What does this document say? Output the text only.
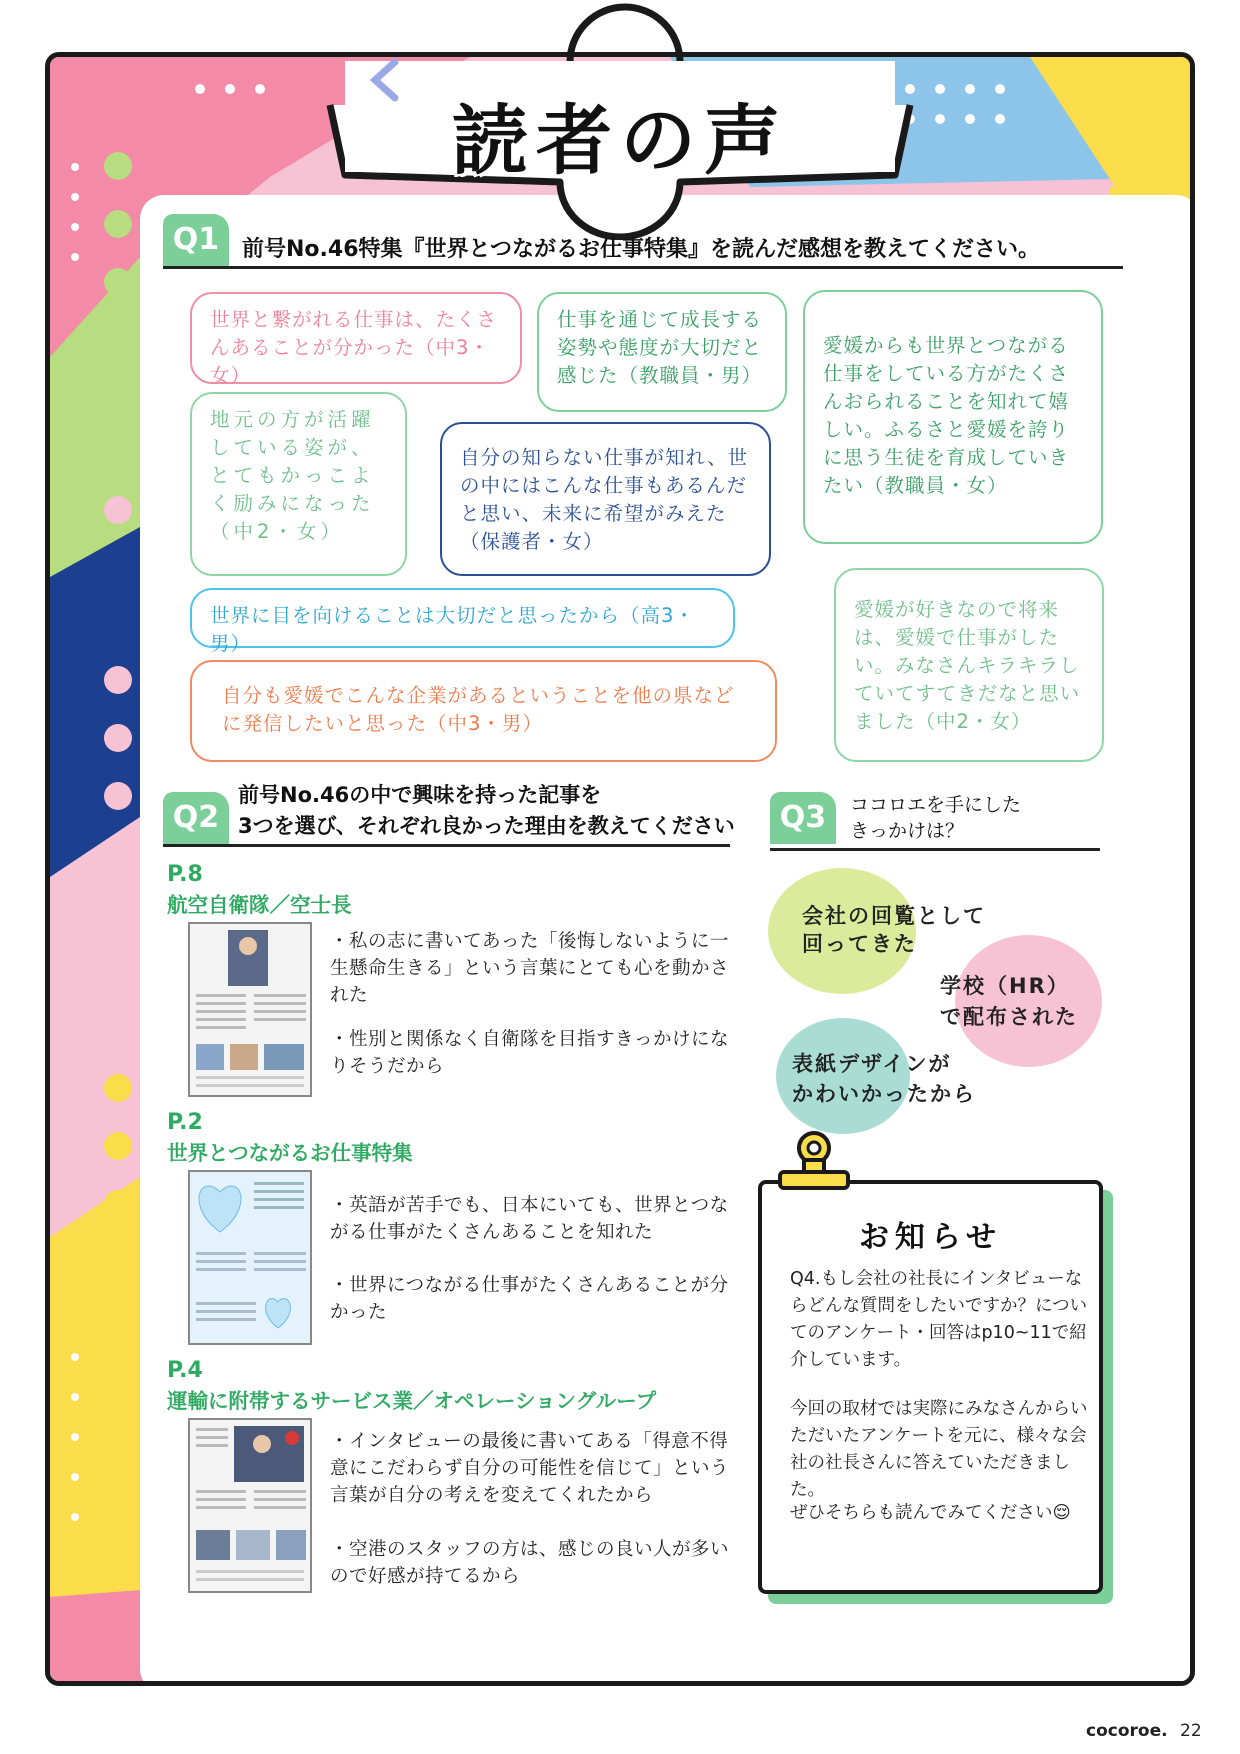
読者の声
Q1	前号No.46特集『世界とつながるお仕事特集』を読んだ感想を教えてください。
世界と繋がれる仕事は、たくさんあることが分かった（中3・女）
仕事を通じて成長する姿勢や態度が大切だと感じた（教職員・男）
愛媛からも世界とつながる仕事をしている方がたくさんおられることを知れて嬉しい。ふるさと愛媛を誇りに思う生徒を育成していきたい（教職員・女）
地元の方が活躍している姿が、とてもかっこよく励みになった（中2・女）
自分の知らない仕事が知れ、世の中にはこんな仕事もあるんだと思い、未来に希望がみえた（保護者・女）
世界に目を向けることは大切だと思ったから（高3・男）
愛媛が好きなので将来は、愛媛で仕事がしたい。みなさんキラキラしていてすてきだなと思いました（中2・女）
自分も愛媛でこんな企業があるということを他の県などに発信したいと思った（中3・男）
Q2
前号No.46の中で興味を持った記事を
3つを選び、それぞれ良かった理由を教えてください
P.8
航空自衛隊／空士長
・私の志に書いてあった「後悔しないように一生懸命生きる」という言葉にとても心を動かされた
・性別と関係なく自衛隊を目指すきっかけになりそうだから
P.2
世界とつながるお仕事特集
・英語が苦手でも、日本にいても、世界とつながる仕事がたくさんあることを知れた
・世界につながる仕事がたくさんあることが分かった
P.4
運輸に附帯するサービス業／オペレーショングループ
・インタビューの最後に書いてある「得意不得意にこだわらず自分の可能性を信じて」という言葉が自分の考えを変えてくれたから
・空港のスタッフの方は、感じの良い人が多いので好感が持てるから
Q3	ココロエを手にした
きっかけは？
会社の回覧として
回ってきた
学校（HR）
で配布された
表紙デザインが
かわいかったから
お知らせ
Q4.もし会社の社長にインタビューならどんな質問をしたいですか？についてのアンケート・回答はp10~11で紹介しています。
今回の取材では実際にみなさんからいただいたアンケートを元に、様々な会社の社長さんに答えていただきました。
ぜひそちらも読んでみてください😌
cocoroe. 22
